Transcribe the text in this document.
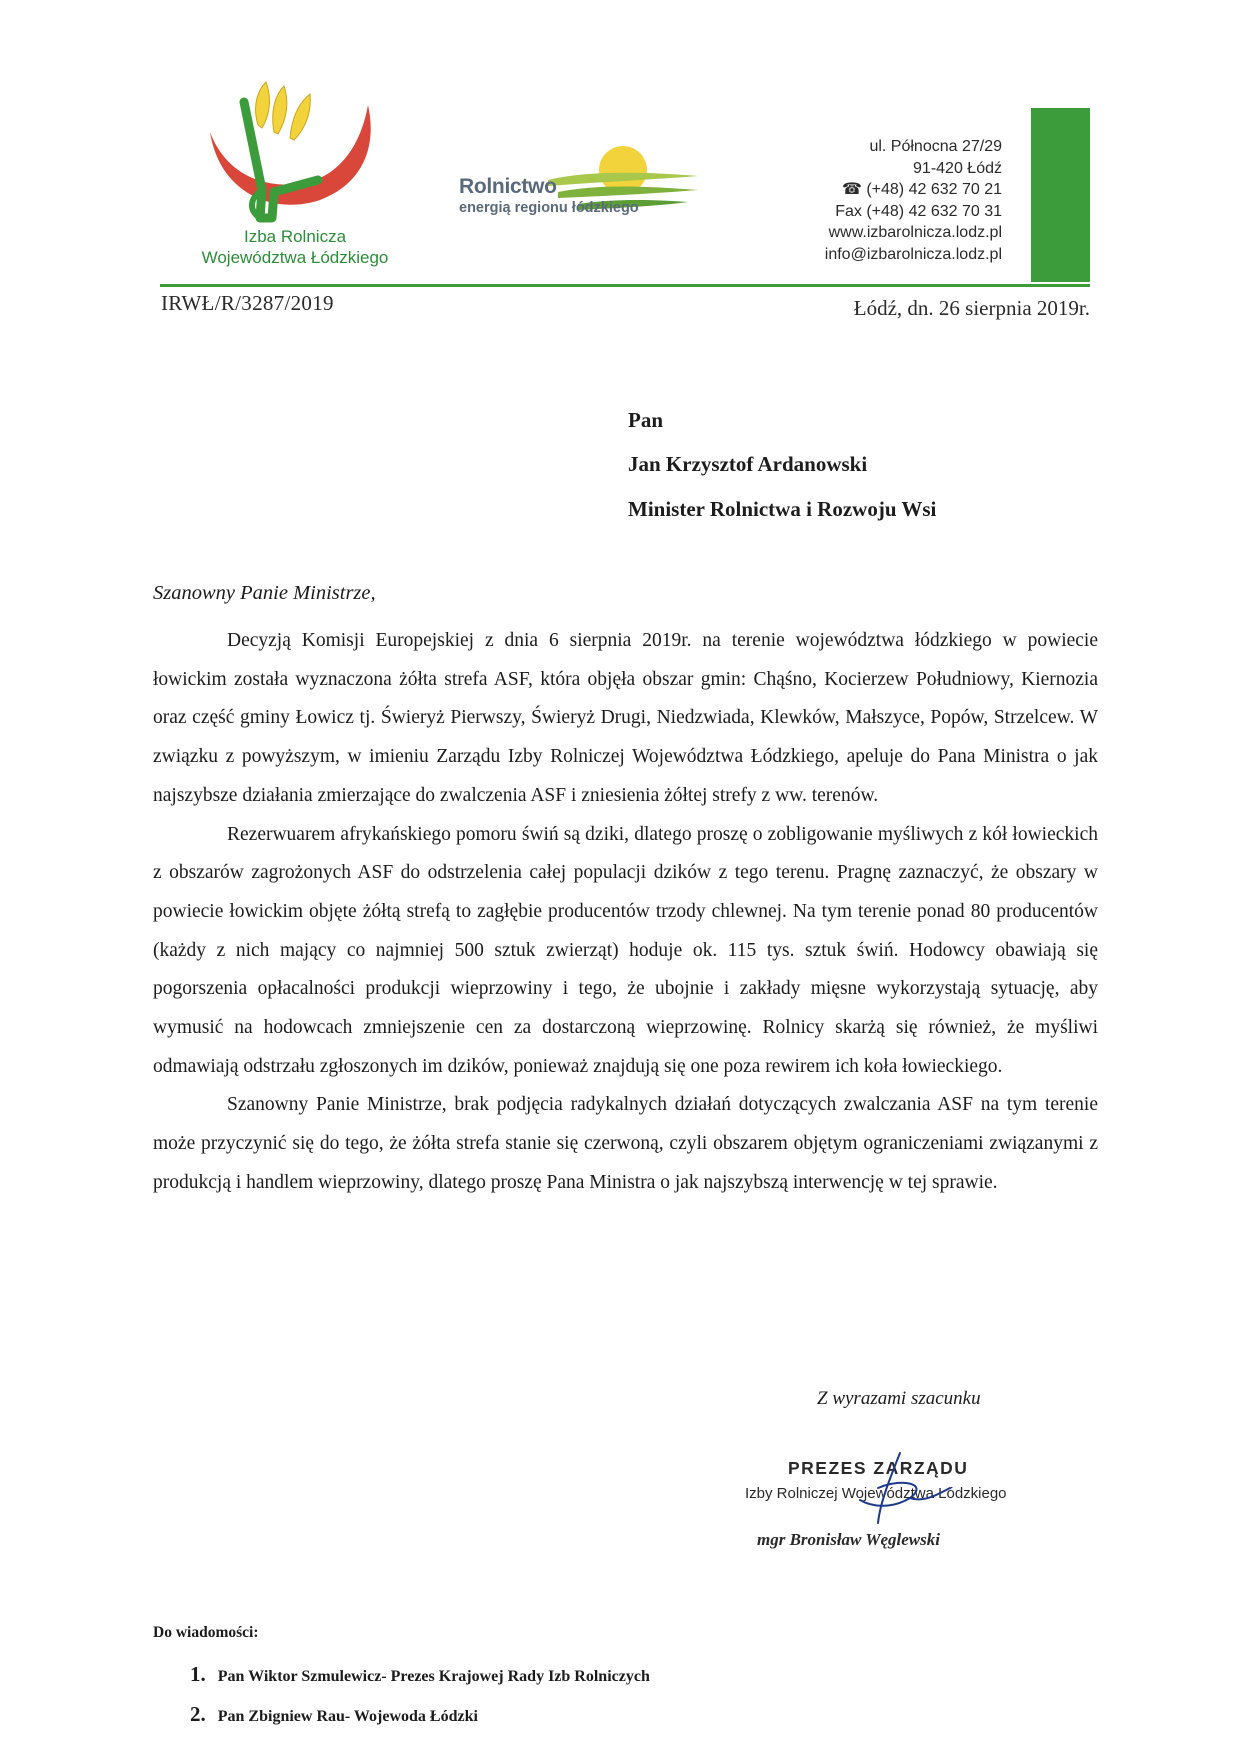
Izba Rolnicza
Województwa Łódzkiego
Rolnictwo
energią regionu łódzkiego
ul. Północna 27/29
91-420 Łódź
☎ (+48) 42 632 70 21
Fax (+48) 42 632 70 31
www.izbarolnicza.lodz.pl
info@izbarolnicza.lodz.pl
IRWŁ/R/3287/2019	Łódź, dn. 26 sierpnia 2019r.
Pan
Jan Krzysztof Ardanowski
Minister Rolnictwa i Rozwoju Wsi
Szanowny Panie Ministrze,

Decyzją Komisji Europejskiej z dnia 6 sierpnia 2019r. na terenie województwa łódzkiego w powiecie łowickim została wyznaczona żółta strefa ASF, która objęła obszar gmin: Chąśno, Kocierzew Południowy, Kiernozia oraz część gminy Łowicz tj. Świeryż Pierwszy, Świeryż Drugi, Niedzwiada, Klewków, Małszyce, Popów, Strzelcew. W związku z powyższym, w imieniu Zarządu Izby Rolniczej Województwa Łódzkiego, apeluje do Pana Ministra o jak najszybsze działania zmierzające do zwalczenia ASF i zniesienia żółtej strefy z ww. terenów.

Rezerwuarem afrykańskiego pomoru świń są dziki, dlatego proszę o zobligowanie myśliwych z kół łowieckich z obszarów zagrożonych ASF do odstrzelenia całej populacji dzików z tego terenu. Pragnę zaznaczyć, że obszary w powiecie łowickim objęte żółtą strefą to zagłębie producentów trzody chlewnej. Na tym terenie ponad 80 producentów (każdy z nich mający co najmniej 500 sztuk zwierząt) hoduje ok. 115 tys. sztuk świń. Hodowcy obawiają się pogorszenia opłacalności produkcji wieprzowiny i tego, że ubojnie i zakłady mięsne wykorzystają sytuację, aby wymusić na hodowcach zmniejszenie cen za dostarczoną wieprzowinę. Rolnicy skarżą się również, że myśliwi odmawiają odstrzału zgłoszonych im dzików, ponieważ znajdują się one poza rewirem ich koła łowieckiego.

Szanowny Panie Ministrze, brak podjęcia radykalnych działań dotyczących zwalczania ASF na tym terenie może przyczynić się do tego, że żółta strefa stanie się czerwoną, czyli obszarem objętym ograniczeniami związanymi z produkcją i handlem wieprzowiny, dlatego proszę Pana Ministra o jak najszybszą interwencję w tej sprawie.

Z wyrazami szacunku
PREZES ZARZĄDU
Izby Rolniczej Województwa Łódzkiego
mgr Bronisław Węglewski
Do wiadomości:
1. Pan Wiktor Szmulewicz- Prezes Krajowej Rady Izb Rolniczych
2. Pan Zbigniew Rau- Wojewoda Łódzki
